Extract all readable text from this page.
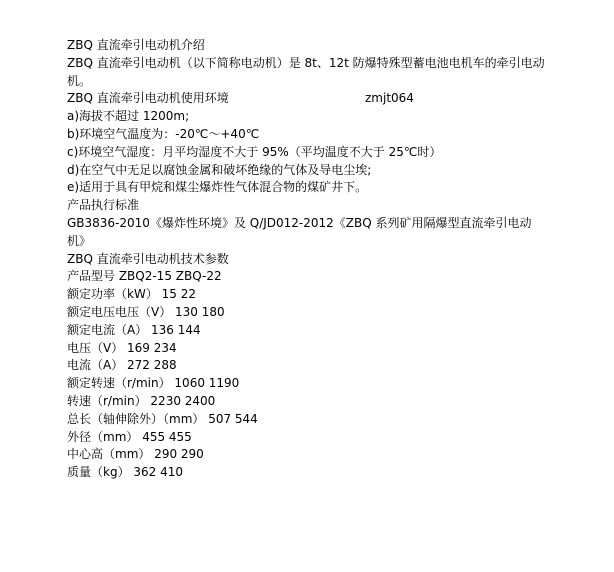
ZBQ 直流牵引电动机介绍
ZBQ 直流牵引电动机（以下简称电动机）是 8t、12t 防爆特殊型蓄电池电机车的牵引电动机。
ZBQ 直流牵引电动机使用环境	zmjt064
a)海拔不超过 1200m;
b)环境空气温度为：-20℃～+40℃
c)环境空气湿度：月平均湿度不大于 95%（平均温度不大于 25℃时）
d)在空气中无足以腐蚀金属和破坏绝缘的气体及导电尘埃;
e)适用于具有甲烷和煤尘爆炸性气体混合物的煤矿井下。
产品执行标准
GB3836-2010《爆炸性环境》及 Q/JD012-2012《ZBQ 系列矿用隔爆型直流牵引电动机》
ZBQ 直流牵引电动机技术参数
产品型号 ZBQ2-15 ZBQ-22
额定功率（kW） 15 22
额定电压电压（V） 130 180
额定电流（A） 136 144
电压（V） 169 234
电流（A） 272 288
额定转速（r/min） 1060 1190
转速（r/min） 2230 2400
总长（轴伸除外）（mm） 507 544
外径（mm） 455 455
中心高（mm） 290 290
质量（kg） 362 410
